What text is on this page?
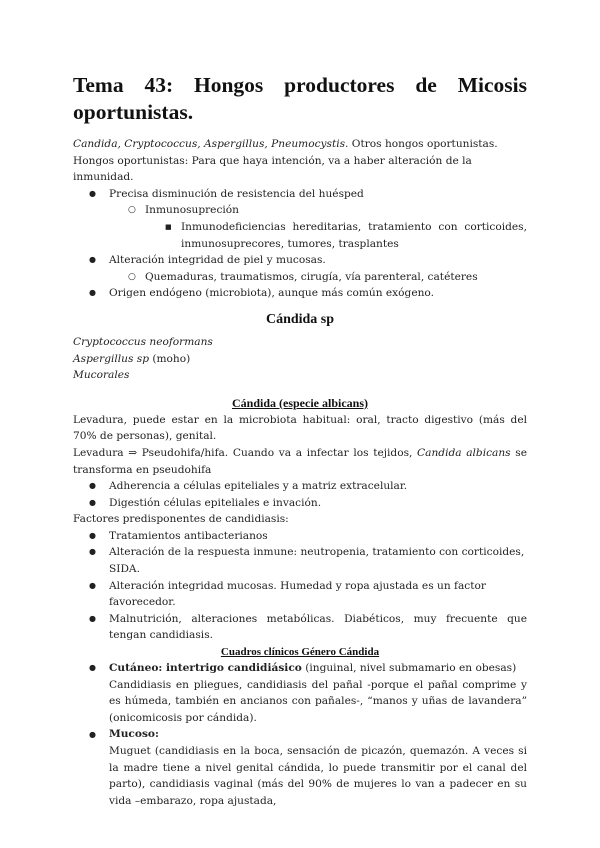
Tema 43: Hongos productores de Micosis
oportunistas.

Candida, Cryptococcus, Aspergillus, Pneumocystis. Otros hongos oportunistas.

Hongos oportunistas: Para que haya intención, va a haber alteración de la inmunidad.

● Precisa disminución de resistencia del huésped
○ Inmunosupreción
■ Inmunodeficiencias hereditarias, tratamiento con corticoides, inmunosuprecores, tumores, trasplantes
● Alteración integridad de piel y mucosas.
○ Quemaduras, traumatismos, cirugía, vía parenteral, catéteres
● Origen endógeno (microbiota), aunque más común exógeno.
Cándida sp

Cryptococcus neoformans

Aspergillus sp (moho)

Mucorales

Cándida (especie albicans)

Levadura, puede estar en la microbiota habitual: oral, tracto digestivo (más del 70% de personas), genital.

Levadura ⇒ Pseudohifa/hifa. Cuando va a infectar los tejidos, Candida albicans se transforma en pseudohifa

● Adherencia a células epiteliales y a matriz extracelular.
● Digestión células epiteliales e invación.

Factores predisponentes de candidiasis:

● Tratamientos antibacterianos
● Alteración de la respuesta inmune: neutropenia, tratamiento con corticoides, SIDA.
● Alteración integridad mucosas. Humedad y ropa ajustada es un factor favorecedor.
● Malnutrición, alteraciones metabólicas. Diabéticos, muy frecuente que tengan candidiasis.
Cuadros clínicos Género Cándida
● Cutáneo: intertrigo candidiásico (inguinal, nivel submamario en obesas)

Candidiasis en pliegues, candidiasis del pañal -porque el pañal comprime y es húmeda, también en ancianos con pañales-, “manos y uñas de lavandera” (onicomicosis por cándida).

● Mucoso:

Muguet (candidiasis en la boca, sensación de picazón, quemazón. A veces si la madre tiene a nivel genital cándida, lo puede transmitir por el canal del parto), candidiasis vaginal (más del 90% de mujeres lo van a padecer en su vida –embarazo, ropa ajustada,
